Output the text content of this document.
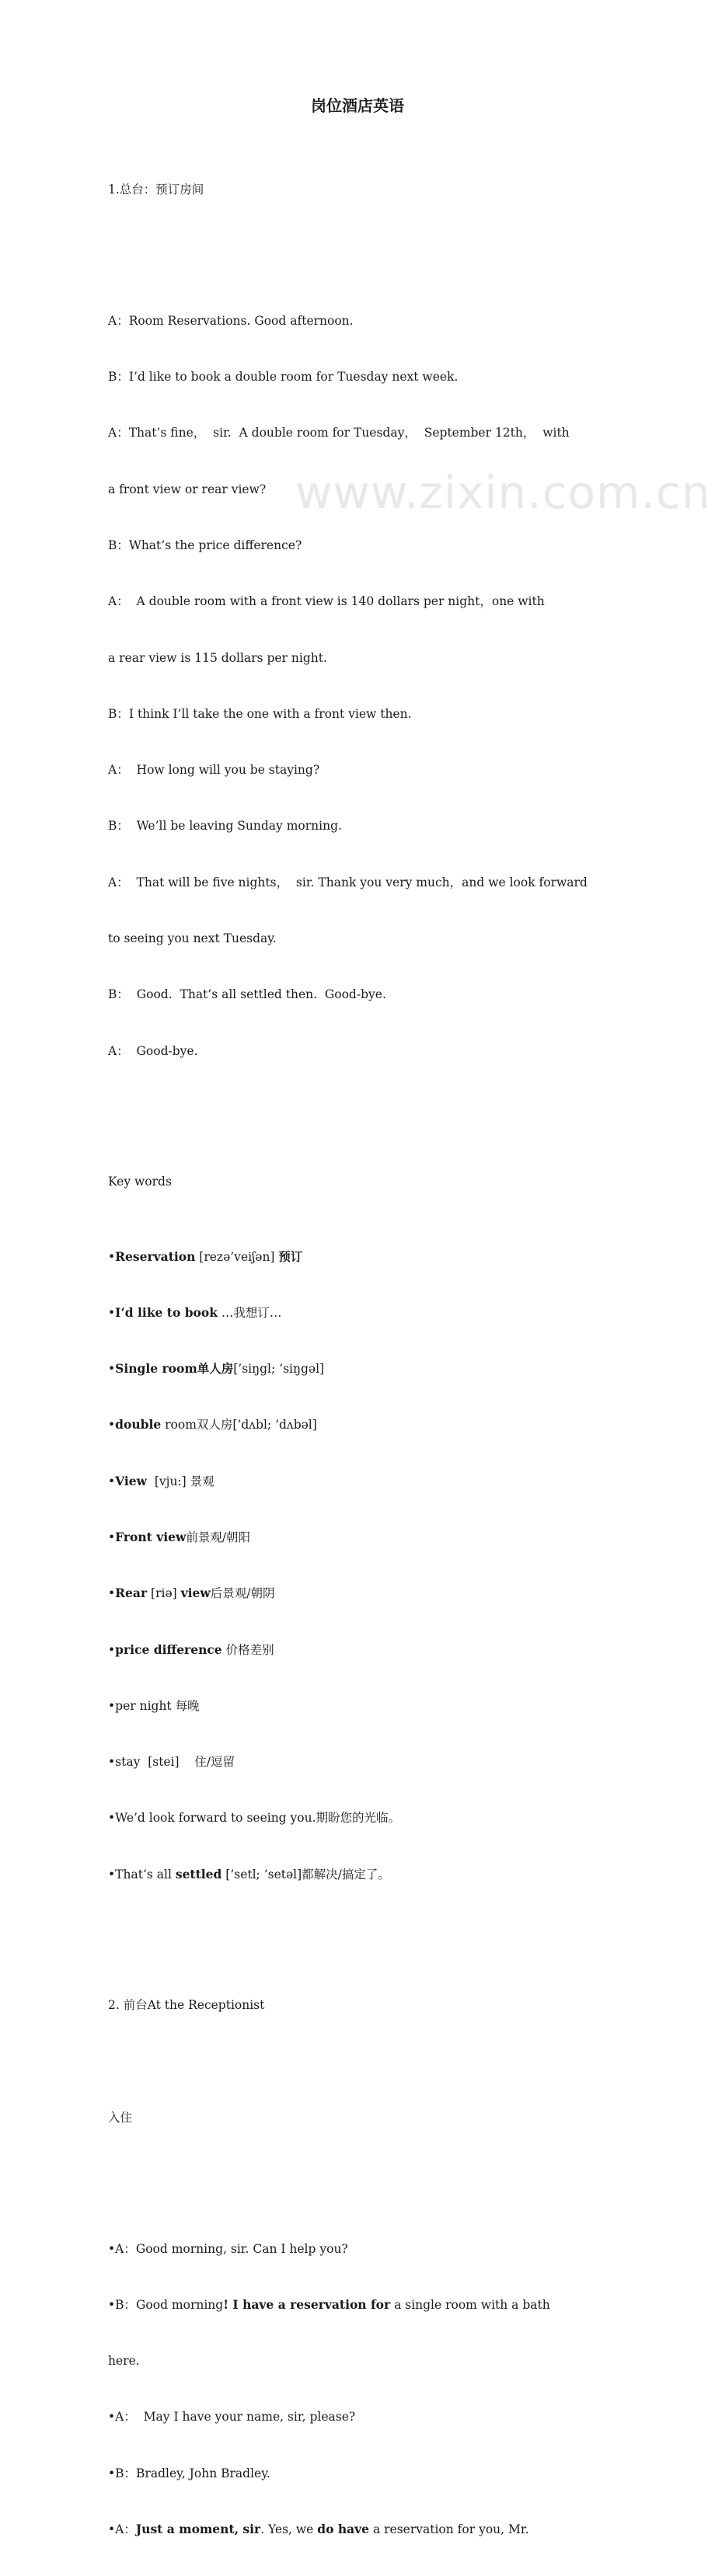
岗位酒店英语
www.zixin.com.cn

1.总台：预订房间

A：Room Reservations. Good afternoon.

B：I’d like to book a double room for Tuesday next week.

A：That’s fine，  sir.  A double room for Tuesday，  September 12th，  with

a front view or rear view?

B：What’s the price difference?

A：  A double room with a front view is 140 dollars per night，one with

a rear view is 115 dollars per night.

B：I think I’ll take the one with a front view then.

A：  How long will you be staying?

B：  We’ll be leaving Sunday morning.

A：  That will be five nights，  sir. Thank you very much，and we look forward

to seeing you next Tuesday.

B：  Good.  That’s all settled then.  Good-bye.

A：  Good-bye.

Key words

•Reservation [rezə’veiʃən] 预订

•I‘d like to book …我想订…

•Single room单人房[’siŋgl; ’siŋgəl]

•double room双人房[’dʌbl; ’dʌbəl]

•View  [vju:] 景观

•Front view前景观/朝阳

•Rear [riə] view后景观/朝阴

•price difference 价格差别

•per night 每晚

•stay  [stei]    住/逗留

•We’d look forward to seeing you.期盼您的光临。

•That‘s all settled [’setl; ’setəl]都解决/搞定了。

2. 前台At the Receptionist

入住

•A：Good morning, sir. Can I help you?

•B：Good morning! I have a reservation for a single room with a bath

here.

•A：  May I have your name, sir, please?

•B：Bradley, John Bradley.

•A：Just a moment, sir. Yes, we do have a reservation for you, Mr.
